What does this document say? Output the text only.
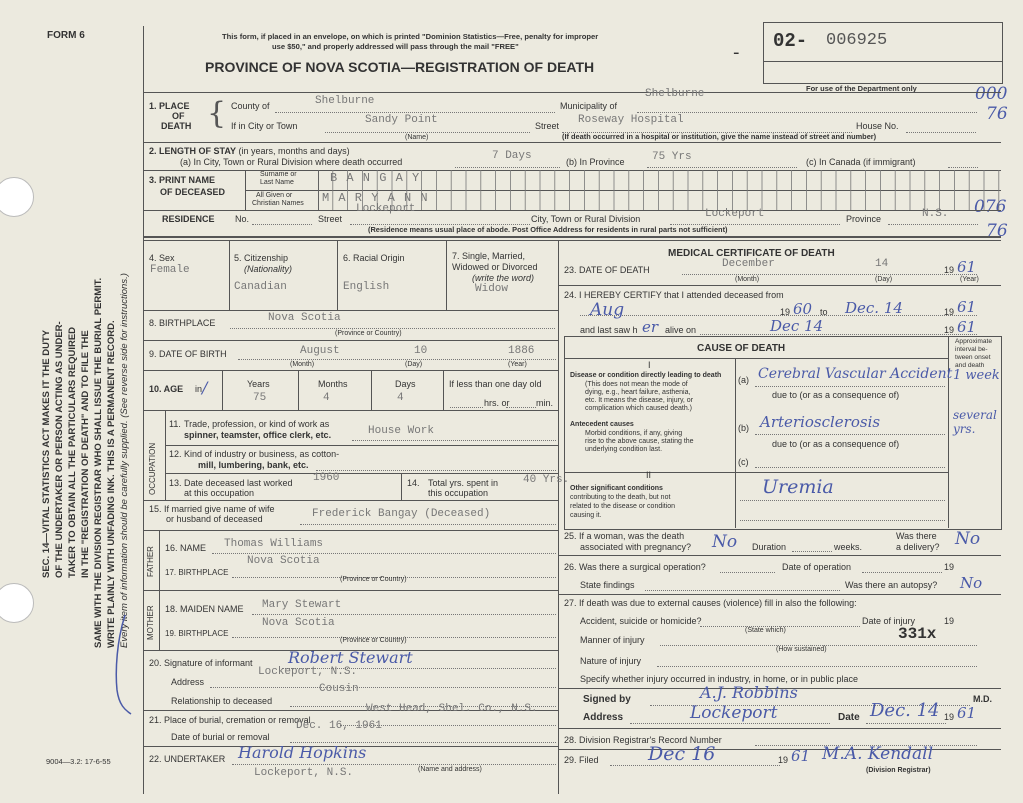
FORM 6
9004—3.2: 17-6-55
SEC. 14—VITAL STATISTICS ACT MAKES IT THE DUTY OF THE UNDERTAKER OR PERSON ACTING AS UNDER- TAKER TO OBTAIN ALL THE PARTICULARS REQUIRED IN THE "REGISTRATION OF DEATH" AND TO FILE THE SAME WITH THE DIVISION REGISTRAR WHO SHALL ISSUE THE BURIAL PERMIT. WRITE PLAINLY WITH UNFADING INK. THIS IS A PERMANENT RECORD. Every item of information should be carefully supplied. (See reverse side for instructions.)
This form, if placed in an envelope, on which is printed "Dominion Statistics—Free, penalty for improper
use $50," and properly addressed will pass through the mail "FREE"
PROVINCE OF NOVA SCOTIA—REGISTRATION OF DEATH
02- 006925
-
For use of the Department only	000
76
076
76
1. PLACE
OF
DEATH { County of	Shelburne	Municipality of
Shelburne
If in City or Town	Sandy Point
(Name)
Street Roseway Hospital	House No.
(If death occurred in a hospital or institution, give the name instead of street and number)
2. LENGTH OF STAY (in years, months and days)
(a) In City, Town or Rural Division where death occurred	7 Days	(b) In Province 75 Yrs	(c) In Canada (if immigrant)
3. PRINT NAME
OF DECEASED
Surname or
Last Name
All Given or
Christian Names
B A N G A Y
M A R Y A N N
RESIDENCE No.	Street
Lockeport
City, Town or Rural Division	Lockeport	Province	N.S.
(Residence means usual place of abode. Post Office Address for residents in rural parts not sufficient)
4. Sex
Female
5. Citizenship
(Nationality)
Canadian
6. Racial Origin
English
7. Single, Married,
Widowed or Divorced
(write the word)
Widow
8. BIRTHPLACE	Nova Scotia
(Province or Country)
9. DATE OF BIRTH	August	10	1886
(Month)	(Day)	(Year)
10. AGE in /	Years
75
Months
4
Days
4
If less than one day old
hrs. or	min.
OCCUPATION
11. Trade, profession, or kind of work as
spinner, teamster, office clerk, etc.	House Work
12. Kind of industry or business, as cotton-
mill, lumbering, bank, etc.
13. Date deceased last worked
at this occupation
1960	14. Total yrs. spent in
this occupation
40 Yrs.
15. If married give name of wife
or husband of deceased	Frederick Bangay (Deceased)
FATHER 16. NAME Thomas Williams
17. BIRTHPLACE
Nova Scotia
(Province or Country)
MOTHER 18. MAIDEN NAME Mary Stewart
19. BIRTHPLACE
Nova Scotia
(Province or Country)
20. Signature of informant Robert Stewart
Address
Lockeport, N.S.
Relationship to deceased
Cousin
21. Place of burial, cremation or removal
West Head, Shel. Co., N.S.
Date of burial or removal
Dec. 16, 1961
22. UNDERTAKER Harold Hopkins
Lockeport, N.S.	(Name and address)
MEDICAL CERTIFICATE OF DEATH
23. DATE OF DEATH	December	14	19 61
(Month)	(Day)	(Year)
24. I HEREBY CERTIFY that I attended deceased from
Aug	19 60 to Dec. 14	19 61
and last saw h er alive on	Dec 14	19 61
CAUSE OF DEATH
Approximate
interval be-
tween onset
and death
I
Disease or condition directly leading to death
(This does not mean the mode of
dying, e.g., heart failure, asthenia,
etc. It means the disease, injury, or
complication which caused death.)
(a) Cerebral Vascular Accident 1 week
due to (or as a consequence of)
Antecedent causes
Morbid conditions, if any, giving
rise to the above cause, stating the
underlying condition last.
(b) Arteriosclerosis	several yrs.
due to (or as a consequence of)
(c)
II
Other significant conditions
contributing to the death, but not
related to the disease or condition
causing it.
Uremia
25. If a woman, was the death
associated with pregnancy? No Duration	weeks.
Was there
a delivery? No
26. Was there a surgical operation?	Date of operation	19
State findings	Was there an autopsy? No
27. If death was due to external causes (violence) fill in also the following:
Accident, suicide or homicide?
(State which)
Date of injury	19
Manner of injury	331x
(How sustained)
Nature of injury
Specify whether injury occurred in industry, in home, or in public place
Signed by	A.J. Robbins	M.D.
Address	Lockeport	Date Dec. 14 19 61
28. Division Registrar's Record Number
29. Filed	Dec 16	19 61 M.A. Kendall
(Division Registrar)
